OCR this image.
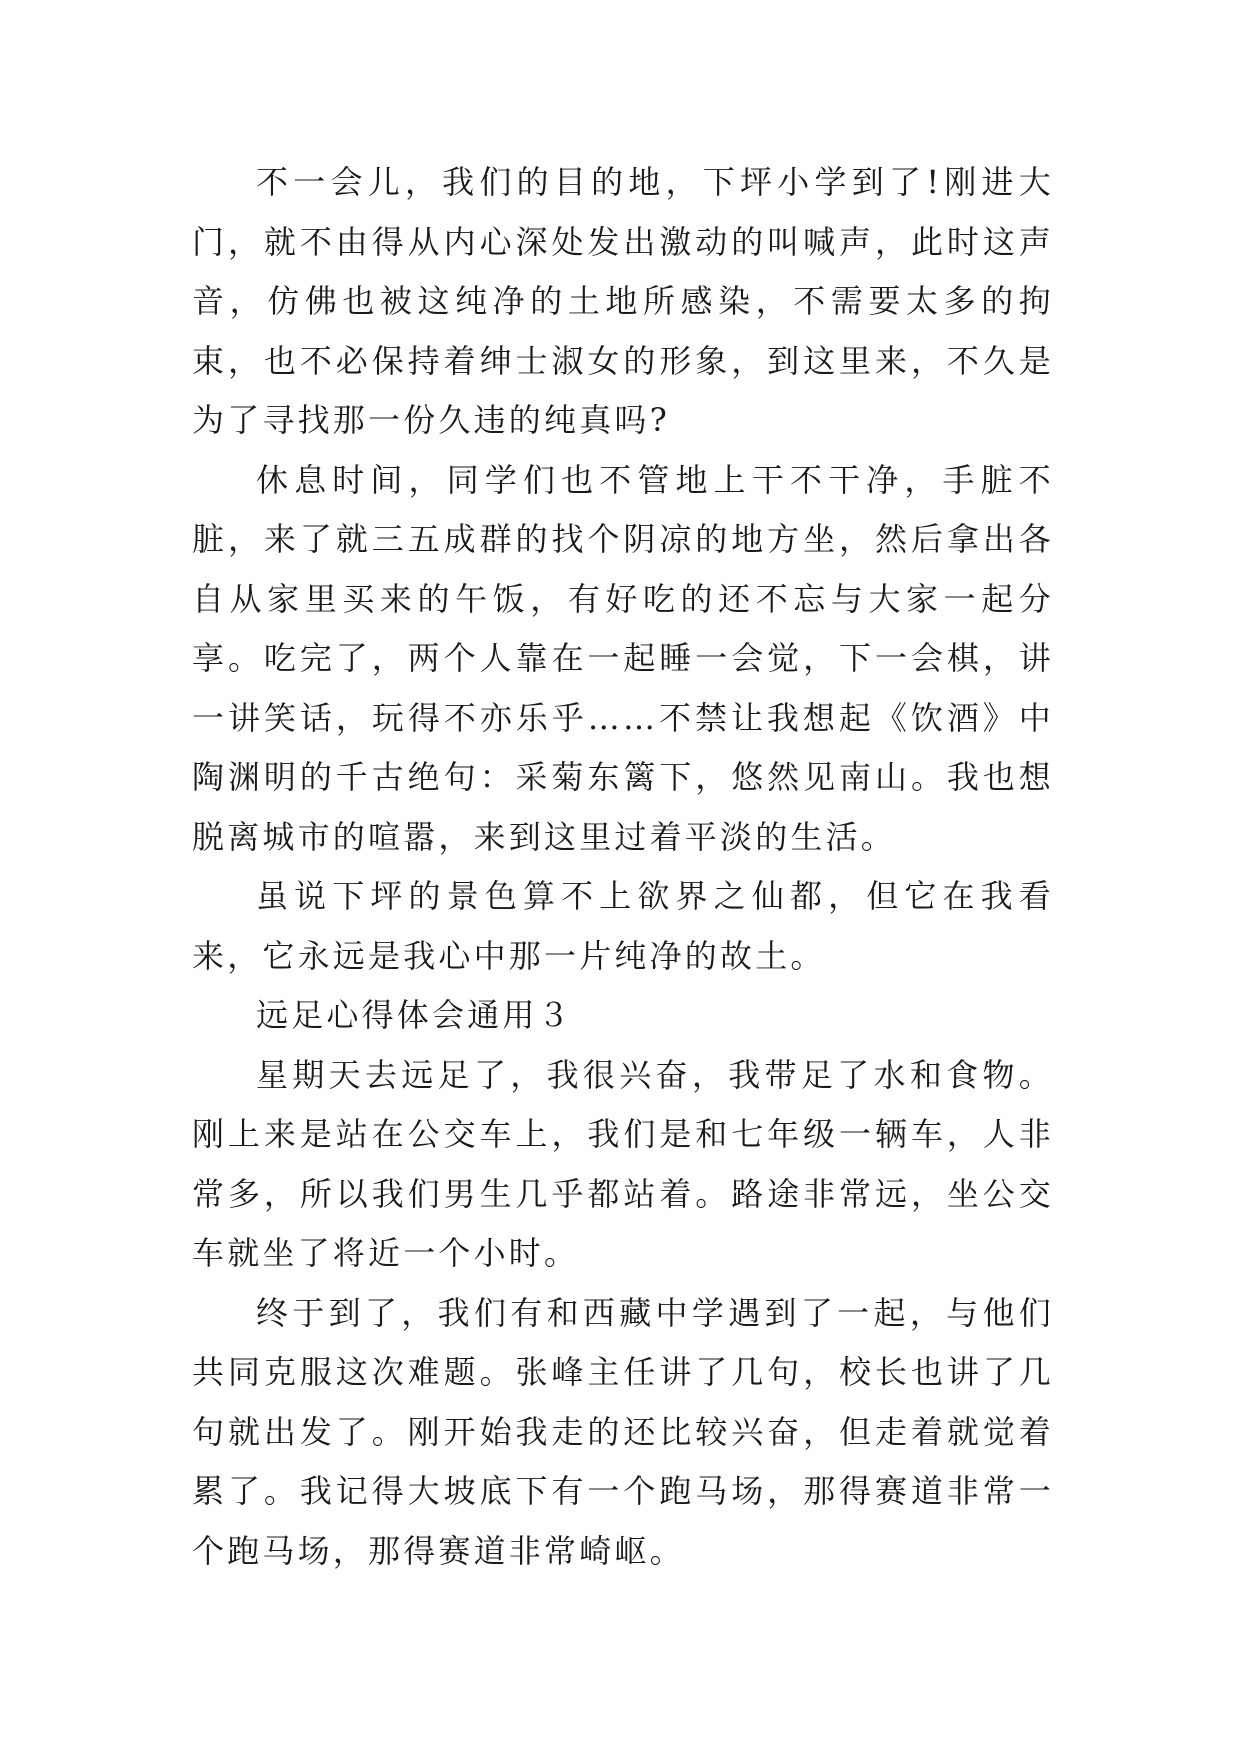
不一会儿，我们的目的地，下坪小学到了!刚进大门，就不由得从内心深处发出激动的叫喊声，此时这声音，仿佛也被这纯净的土地所感染，不需要太多的拘束，也不必保持着绅士淑女的形象，到这里来，不久是为了寻找那一份久违的纯真吗?

休息时间，同学们也不管地上干不干净，手脏不脏，来了就三五成群的找个阴凉的地方坐，然后拿出各自从家里买来的午饭，有好吃的还不忘与大家一起分享。吃完了，两个人靠在一起睡一会觉，下一会棋，讲一讲笑话，玩得不亦乐乎……不禁让我想起《饮酒》中陶渊明的千古绝句：采菊东篱下，悠然见南山。我也想脱离城市的喧嚣，来到这里过着平淡的生活。

虽说下坪的景色算不上欲界之仙都，但它在我看来，它永远是我心中那一片纯净的故土。

远足心得体会通用３

星期天去远足了，我很兴奋，我带足了水和食物。刚上来是站在公交车上，我们是和七年级一辆车，人非常多，所以我们男生几乎都站着。路途非常远，坐公交车就坐了将近一个小时。

终于到了，我们有和西藏中学遇到了一起，与他们共同克服这次难题。张峰主任讲了几句，校长也讲了几句就出发了。刚开始我走的还比较兴奋，但走着就觉着累了。我记得大坡底下有一个跑马场，那得赛道非常一个跑马场，那得赛道非常崎岖。
